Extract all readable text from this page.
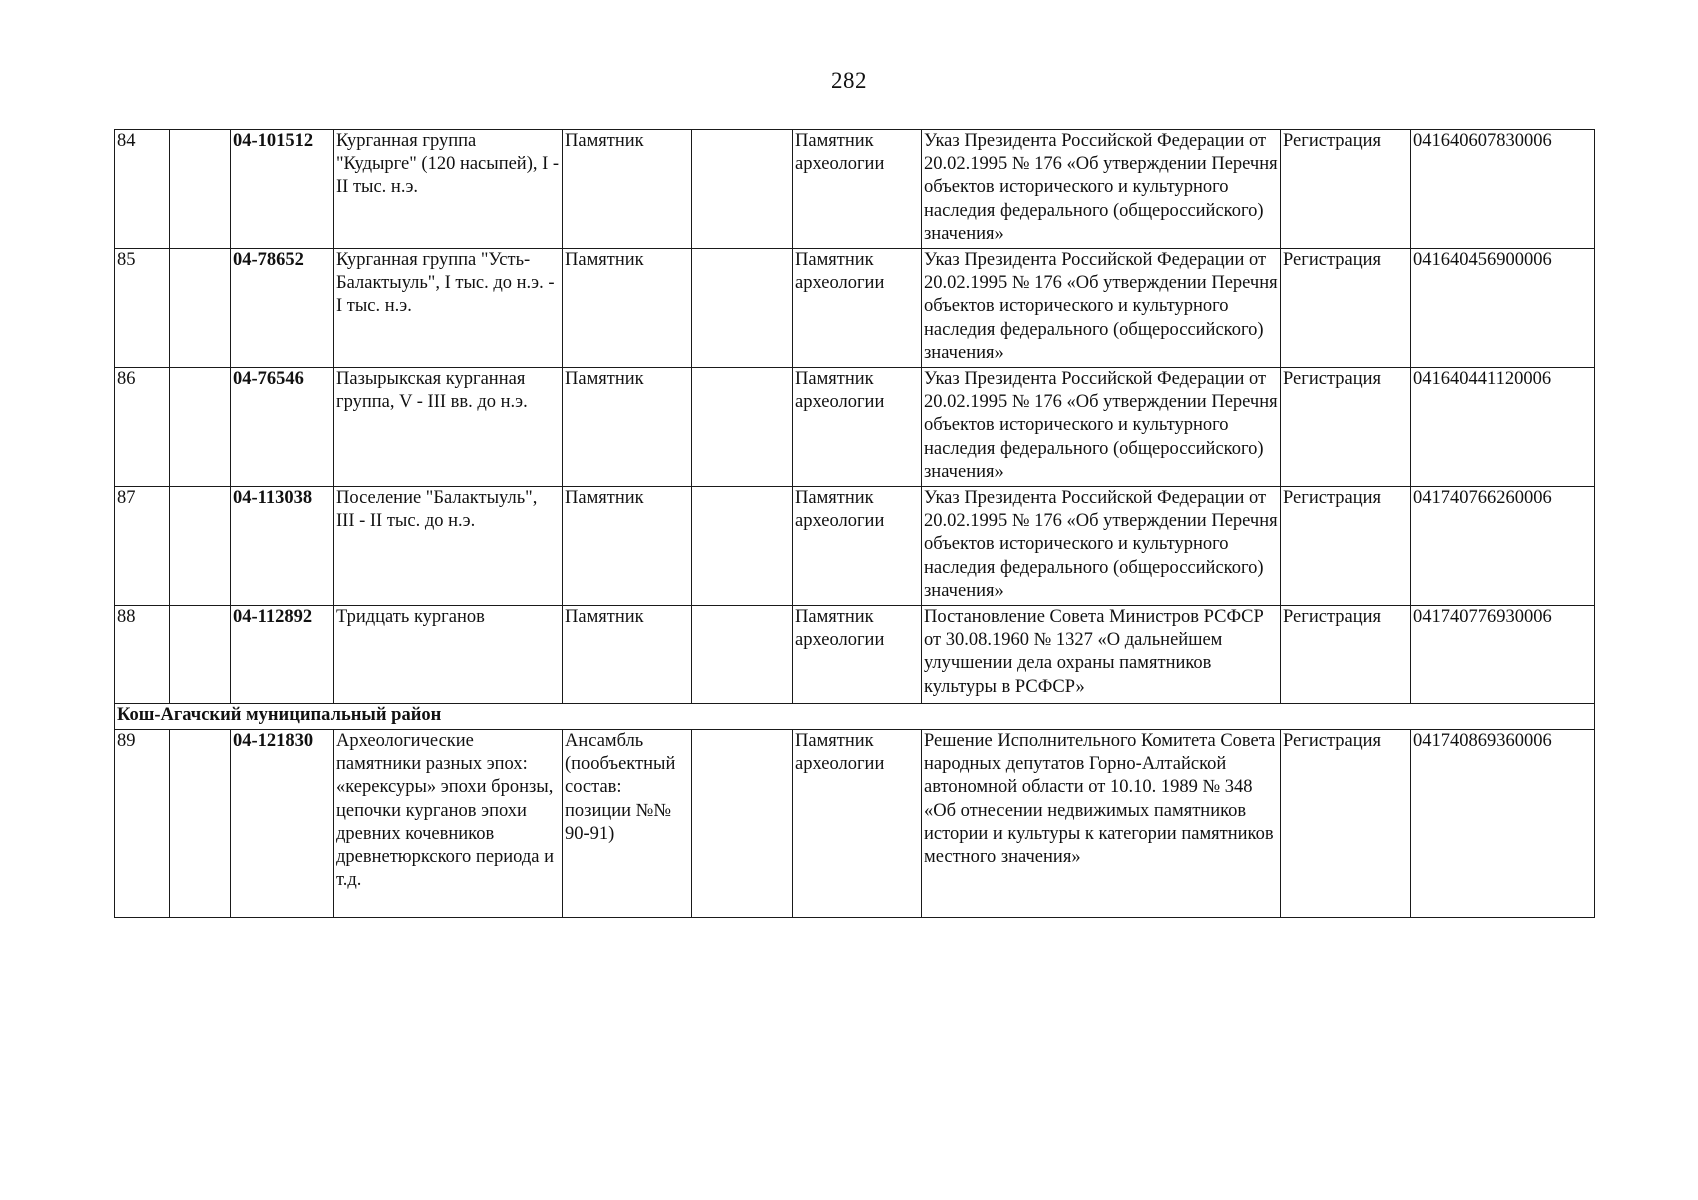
282
84		04-101512	Курганная группа "Кудырге" (120 насыпей), I - II тыс. н.э.	Памятник		Памятник археологии	Указ Президента Российской Федерации от 20.02.1995 № 176 «Об утверждении Перечня объектов исторического и культурного наследия федерального (общероссийского) значения»	Регистрация	041640607830006
85		04-78652	Курганная группа "Усть-Балактыуль", I тыс. до н.э. - I тыс. н.э.	Памятник		Памятник археологии	Указ Президента Российской Федерации от 20.02.1995 № 176 «Об утверждении Перечня объектов исторического и культурного наследия федерального (общероссийского) значения»	Регистрация	041640456900006
86		04-76546	Пазырыкская курганная группа, V - III вв. до н.э.	Памятник		Памятник археологии	Указ Президента Российской Федерации от 20.02.1995 № 176 «Об утверждении Перечня объектов исторического и культурного наследия федерального (общероссийского) значения»	Регистрация	041640441120006
87		04-113038	Поселение "Балактыуль", III - II тыс. до н.э.	Памятник		Памятник археологии	Указ Президента Российской Федерации от 20.02.1995 № 176 «Об утверждении Перечня объектов исторического и культурного наследия федерального (общероссийского) значения»	Регистрация	041740766260006
88		04-112892	Тридцать курганов	Памятник		Памятник археологии	Постановление Совета Министров РСФСР от 30.08.1960 № 1327 «О дальнейшем улучшении дела охраны памятников культуры в РСФСР»	Регистрация	041740776930006
Кош-Агачский муниципальный район									
89		04-121830	Археологические памятники разных эпох: «керексуры» эпохи бронзы, цепочки курганов эпохи древних кочевников древнетюркского периода и т.д.	Ансамбль (пообъектный состав: позиции №№ 90-91)		Памятник археологии	Решение Исполнительного Комитета Совета народных депутатов Горно-Алтайской автономной области от 10.10. 1989 № 348 «Об отнесении недвижимых памятников истории и культуры к категории памятников местного значения»	Регистрация	041740869360006
